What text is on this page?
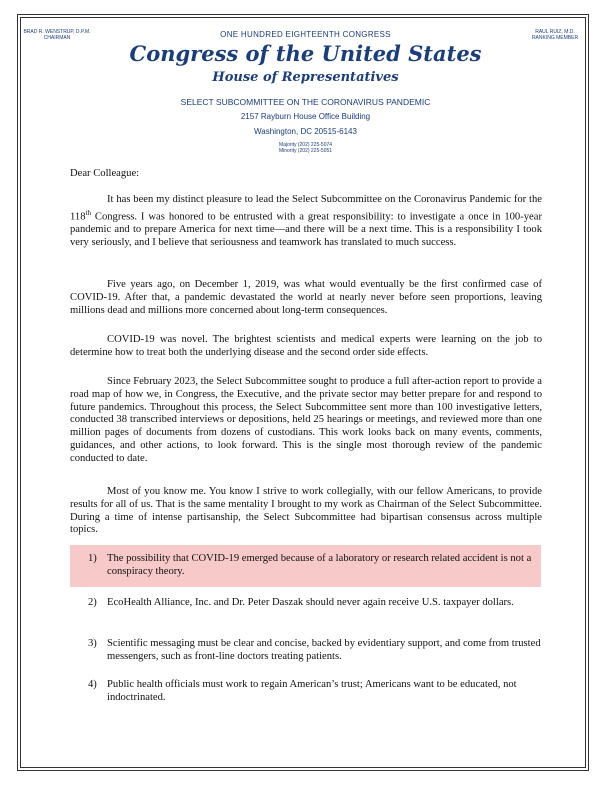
BRAD R. WENSTRUP, D.P.M.
CHAIRMAN
RAUL RUIZ, M.D.
RANKING MEMBER
ONE HUNDRED EIGHTEENTH CONGRESS
Congress of the United States
House of Representatives
SELECT SUBCOMMITTEE ON THE CORONAVIRUS PANDEMIC
2157 Rayburn House Office Building
Washington, DC 20515-6143
Majority (202) 225-5074
Minority (202) 225-5051
Dear Colleague:

It has been my distinct pleasure to lead the Select Subcommittee on the Coronavirus Pandemic for the 118th Congress. I was honored to be entrusted with a great responsibility: to investigate a once in 100-year pandemic and to prepare America for next time—and there will be a next time. This is a responsibility I took very seriously, and I believe that seriousness and teamwork has translated to much success.

Five years ago, on December 1, 2019, was what would eventually be the first confirmed case of COVID-19. After that, a pandemic devastated the world at nearly never before seen proportions, leaving millions dead and millions more concerned about long-term consequences.

COVID-19 was novel. The brightest scientists and medical experts were learning on the job to determine how to treat both the underlying disease and the second order side effects.

Since February 2023, the Select Subcommittee sought to produce a full after-action report to provide a road map of how we, in Congress, the Executive, and the private sector may better prepare for and respond to future pandemics. Throughout this process, the Select Subcommittee sent more than 100 investigative letters, conducted 38 transcribed interviews or depositions, held 25 hearings or meetings, and reviewed more than one million pages of documents from dozens of custodians. This work looks back on many events, comments, guidances, and other actions, to look forward. This is the single most thorough review of the pandemic conducted to date.

Most of you know me. You know I strive to work collegially, with our fellow Americans, to provide results for all of us. That is the same mentality I brought to my work as Chairman of the Select Subcommittee. During a time of intense partisanship, the Select Subcommittee had bipartisan consensus across multiple topics.

1) The possibility that COVID-19 emerged because of a laboratory or research related accident is not a conspiracy theory.
2) EcoHealth Alliance, Inc. and Dr. Peter Daszak should never again receive U.S. taxpayer dollars.
3) Scientific messaging must be clear and concise, backed by evidentiary support, and come from trusted messengers, such as front-line doctors treating patients.
4) Public health officials must work to regain American’s trust; Americans want to be educated, not indoctrinated.
